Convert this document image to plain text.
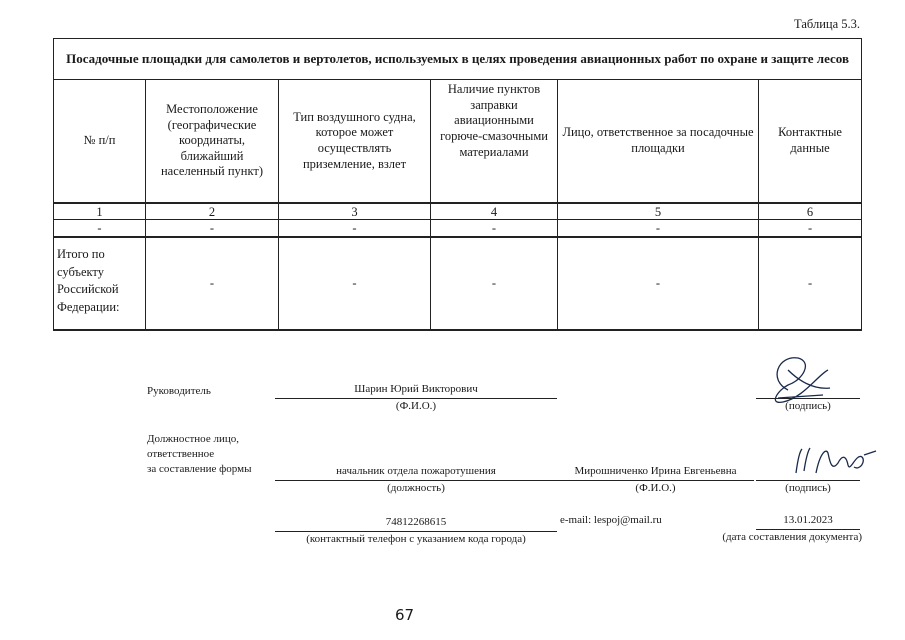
Таблица 5.3.
Посадочные площадки для самолетов и вертолетов, используемых в целях проведения авиационных работ по охране и защите лесов					
№ п/п	Местоположение (географические координаты, ближайший населенный пункт)	Тип воздушного судна, которое может осуществлять приземление, взлет	Наличие пунктов заправки авиационными горюче-смазочными материалами	Лицо, ответственное за посадочные площадки	Контактные данные
1	2	3	4	5	6
-	-	-	-	-	-
Итого по субъекту Российской Федерации:	-	-	-	-	-
Руководитель	Шарин Юрий Викторович
(Ф.И.О.)	(подпись)
Должностное лицо,
ответственное
за составление формы	начальник отдела пожаротушения
(должность)
Мирошниченко Ирина Евгеньевна
(Ф.И.О.)	(подпись)
74812268615
(контактный телефон с указанием кода города)
e-mail: lespoj@mail.ru	13.01.2023
(дата составления документа)
67
